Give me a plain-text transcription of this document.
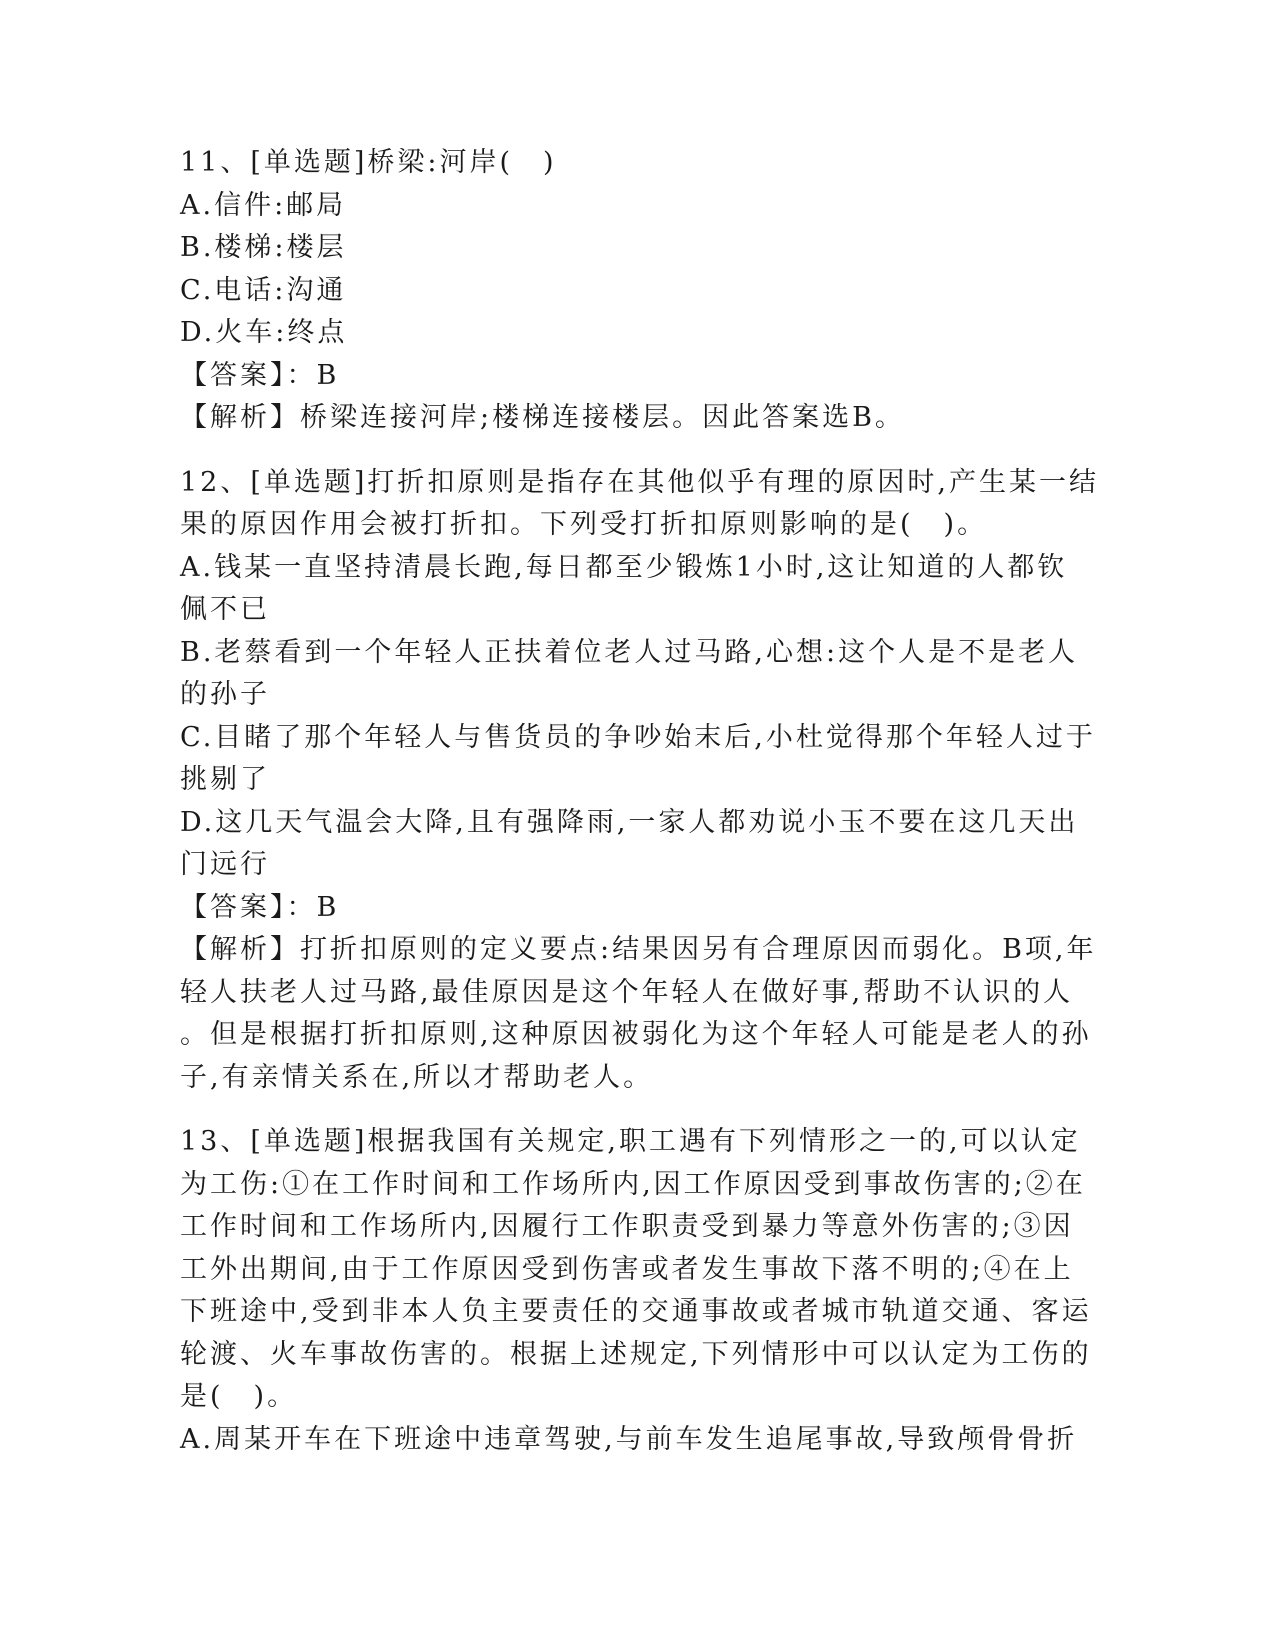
11、[单选题]桥梁:河岸(　)
A.信件:邮局
B.楼梯:楼层
C.电话:沟通
D.火车:终点
【答案】：B
【解析】桥梁连接河岸;楼梯连接楼层。因此答案选B。
12、[单选题]打折扣原则是指存在其他似乎有理的原因时,产生某一结
果的原因作用会被打折扣。下列受打折扣原则影响的是(　)。
A.钱某一直坚持清晨长跑,每日都至少锻炼1小时,这让知道的人都钦
佩不已
B.老蔡看到一个年轻人正扶着位老人过马路,心想:这个人是不是老人
的孙子
C.目睹了那个年轻人与售货员的争吵始末后,小杜觉得那个年轻人过于
挑剔了
D.这几天气温会大降,且有强降雨,一家人都劝说小玉不要在这几天出
门远行
【答案】：B
【解析】打折扣原则的定义要点:结果因另有合理原因而弱化。B项,年
轻人扶老人过马路,最佳原因是这个年轻人在做好事,帮助不认识的人
。但是根据打折扣原则,这种原因被弱化为这个年轻人可能是老人的孙
子,有亲情关系在,所以才帮助老人。
13、[单选题]根据我国有关规定,职工遇有下列情形之一的,可以认定
为工伤:①在工作时间和工作场所内,因工作原因受到事故伤害的;②在
工作时间和工作场所内,因履行工作职责受到暴力等意外伤害的;③因
工外出期间,由于工作原因受到伤害或者发生事故下落不明的;④在上
下班途中,受到非本人负主要责任的交通事故或者城市轨道交通、客运
轮渡、火车事故伤害的。根据上述规定,下列情形中可以认定为工伤的
是(　)。
A.周某开车在下班途中违章驾驶,与前车发生追尾事故,导致颅骨骨折
